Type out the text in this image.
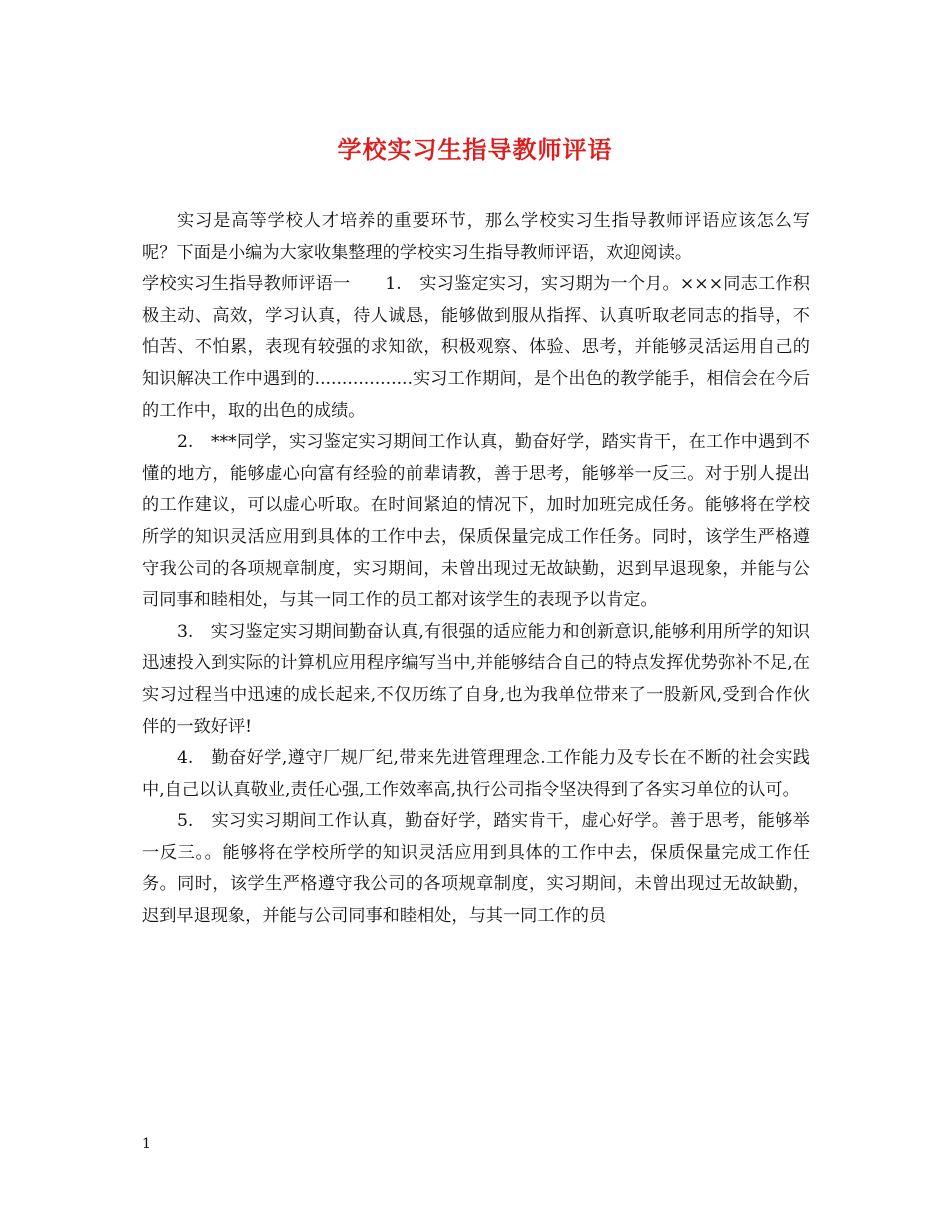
学校实习生指导教师评语

实习是高等学校人才培养的重要环节，那么学校实习生指导教师评语应该怎么写呢？下面是小编为大家收集整理的学校实习生指导教师评语，欢迎阅读。

学校实习生指导教师评语一　　1.　实习鉴定实习，实习期为一个月。×××同志工作积极主动、高效，学习认真，待人诚恳，能够做到服从指挥、认真听取老同志的指导，不怕苦、不怕累，表现有较强的求知欲，积极观察、体验、思考，并能够灵活运用自己的知识解决工作中遇到的..................实习工作期间，是个出色的教学能手，相信会在今后的工作中，取的出色的成绩。

2.　***同学，实习鉴定实习期间工作认真，勤奋好学，踏实肯干，在工作中遇到不懂的地方，能够虚心向富有经验的前辈请教，善于思考，能够举一反三。对于别人提出的工作建议，可以虚心听取。在时间紧迫的情况下，加时加班完成任务。能够将在学校所学的知识灵活应用到具体的工作中去，保质保量完成工作任务。同时，该学生严格遵守我公司的各项规章制度，实习期间，未曾出现过无故缺勤，迟到早退现象，并能与公司同事和睦相处，与其一同工作的员工都对该学生的表现予以肯定。

3.　实习鉴定实习期间勤奋认真,有很强的适应能力和创新意识,能够利用所学的知识迅速投入到实际的计算机应用程序编写当中,并能够结合自己的特点发挥优势弥补不足,在实习过程当中迅速的成长起来,不仅历练了自身,也为我单位带来了一股新风,受到合作伙伴的一致好评!

4.　勤奋好学,遵守厂规厂纪,带来先进管理理念.工作能力及专长在不断的社会实践中,自己以认真敬业,责任心强,工作效率高,执行公司指令坚决得到了各实习单位的认可。

5.　实习实习期间工作认真，勤奋好学，踏实肯干，虚心好学。善于思考，能够举一反三。。能够将在学校所学的知识灵活应用到具体的工作中去，保质保量完成工作任务。同时，该学生严格遵守我公司的各项规章制度，实习期间，未曾出现过无故缺勤，迟到早退现象，并能与公司同事和睦相处，与其一同工作的员

1
